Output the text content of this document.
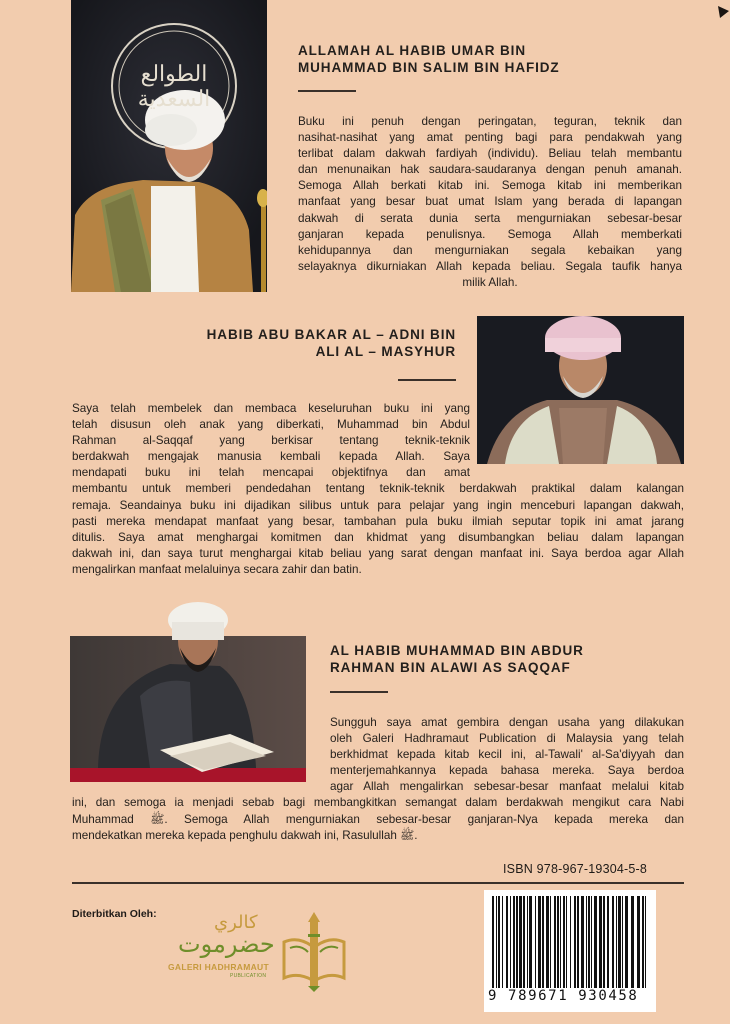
الطوالع السعدية
ALLAMAH AL HABIB UMAR BIN
MUHAMMAD BIN SALIM BIN HAFIDZ
Buku ini penuh dengan peringatan, teguran, teknik dan
nasihat-nasihat yang amat penting bagi para pendakwah yang
terlibat dalam dakwah fardiyah (individu). Beliau telah membantu
dan menunaikan hak saudara-saudaranya dengan penuh amanah.
Semoga Allah berkati kitab ini. Semoga kitab ini memberikan
manfaat yang besar buat umat Islam yang berada di lapangan
dakwah di serata dunia serta mengurniakan sebesar-besar
ganjaran kepada penulisnya. Semoga Allah memberkati
kehidupannya dan mengurniakan segala kebaikan yang
selayaknya dikurniakan Allah kepada beliau. Segala taufik hanya
milik Allah.
HABIB ABU BAKAR AL – ADNI BIN
ALI AL – MASYHUR
Saya telah membelek dan membaca keseluruhan buku ini yang
telah disusun oleh anak yang diberkati, Muhammad bin Abdul
Rahman al-Saqqaf yang berkisar tentang teknik-teknik
berdakwah mengajak manusia kembali kepada Allah. Saya
mendapati buku ini telah mencapai objektifnya dan amat
membantu untuk memberi pendedahan tentang teknik-teknik berdakwah praktikal dalam kalangan
remaja. Seandainya buku ini dijadikan silibus untuk para pelajar yang ingin menceburi lapangan dakwah,
pasti mereka mendapat manfaat yang besar, tambahan pula buku ilmiah seputar topik ini amat jarang
ditulis. Saya amat menghargai komitmen dan khidmat yang disumbangkan beliau dalam lapangan
dakwah ini, dan saya turut menghargai kitab beliau yang sarat dengan manfaat ini. Saya berdoa agar Allah
mengalirkan manfaat melaluinya secara zahir dan batin.
AL HABIB MUHAMMAD BIN ABDUR
RAHMAN BIN ALAWI AS SAQQAF
Sungguh saya amat gembira dengan usaha yang dilakukan
oleh Galeri Hadhramaut Publication di Malaysia yang telah
berkhidmat kepada kitab kecil ini, al-Tawali' al-Sa'diyyah dan
menterjemahkannya kepada bahasa mereka. Saya berdoa
agar Allah mengalirkan sebesar-besar manfaat melalui kitab
ini, dan semoga ia menjadi sebab bagi membangkitkan semangat dalam berdakwah mengikut cara Nabi
Muhammad ﷺ. Semoga Allah mengurniakan sebesar-besar ganjaran-Nya kepada mereka dan
mendekatkan mereka kepada penghulu dakwah ini, Rasulullah ﷺ.
ISBN 978-967-19304-5-8
Diterbitkan Oleh:	كالري
حضرموت
GALERI HADHRAMAUT
PUBLICATION
9 789671 930458
